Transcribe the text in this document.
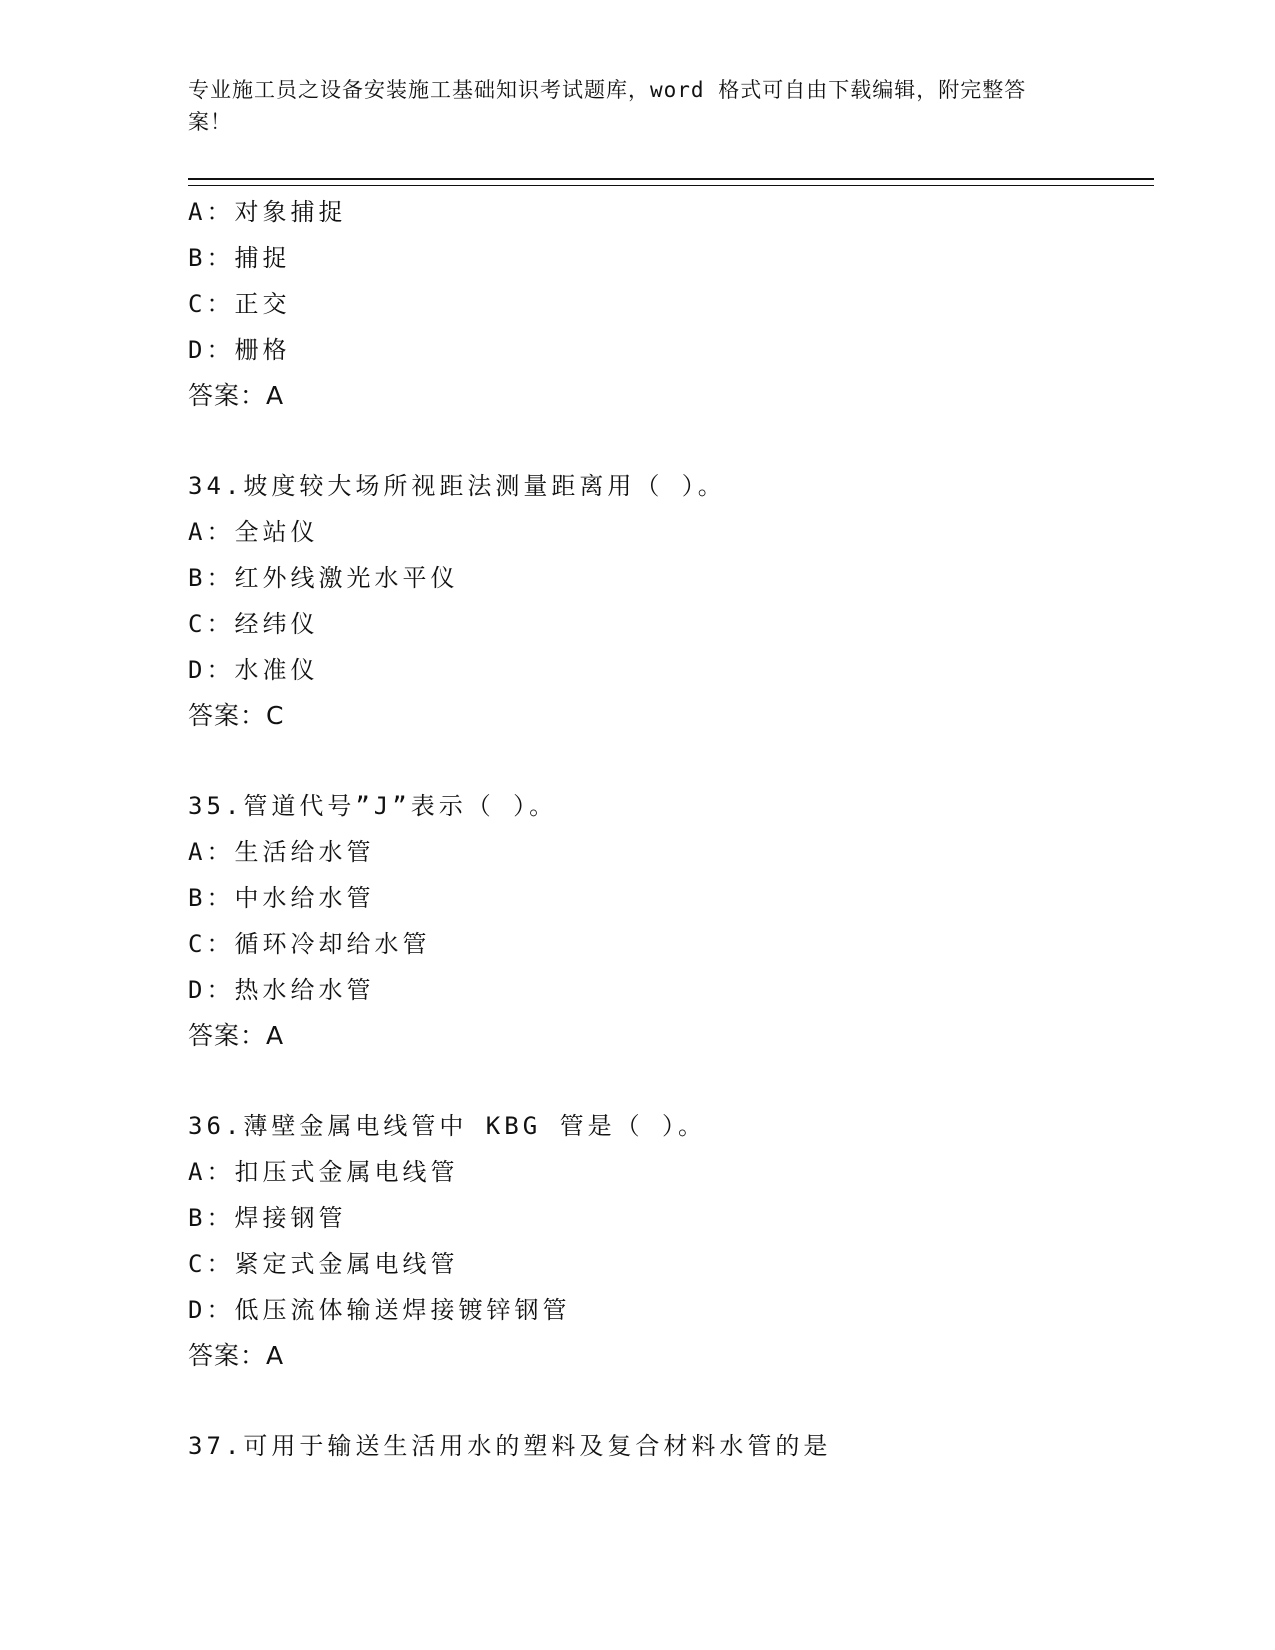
专业施工员之设备安装施工基础知识考试题库，word 格式可自由下载编辑，附完整答案！
A：对象捕捉
B：捕捉
C：正交
D：栅格
答案：A
34.坡度较大场所视距法测量距离用（ ）。
A：全站仪
B：红外线激光水平仪
C：经纬仪
D：水准仪
答案：C
35.管道代号”J”表示（ ）。
A：生活给水管
B：中水给水管
C：循环冷却给水管
D：热水给水管
答案：A
36.薄壁金属电线管中 KBG 管是（ ）。
A：扣压式金属电线管
B：焊接钢管
C：紧定式金属电线管
D：低压流体输送焊接镀锌钢管
答案：A
37.可用于输送生活用水的塑料及复合材料水管的是
